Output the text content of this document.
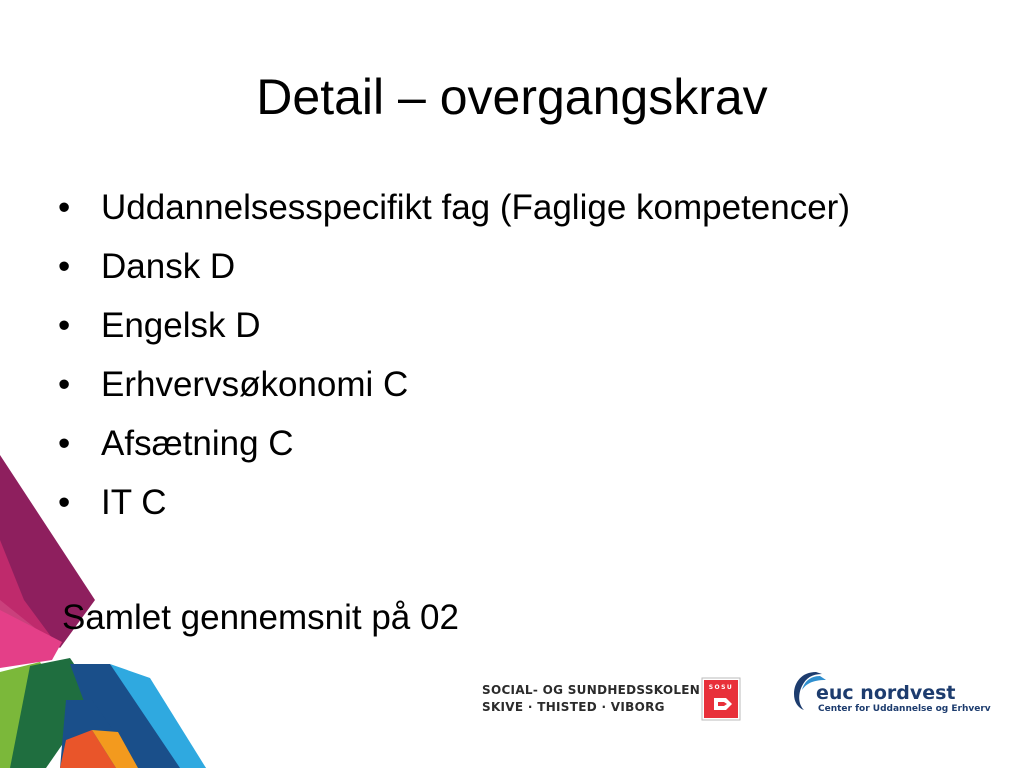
Detail – overgangskrav
• Uddannelsesspecifikt fag (Faglige kompetencer)
• Dansk D
• Engelsk D
• Erhvervsøkonomi C
• Afsætning C
• IT C

Samlet gennemsnit på 02

SOCIAL- OG SUNDHEDSSKOLEN
SKIVE · THISTED · VIBORG
SOSU	euc nordvest
Center for Uddannelse og Erhverv
